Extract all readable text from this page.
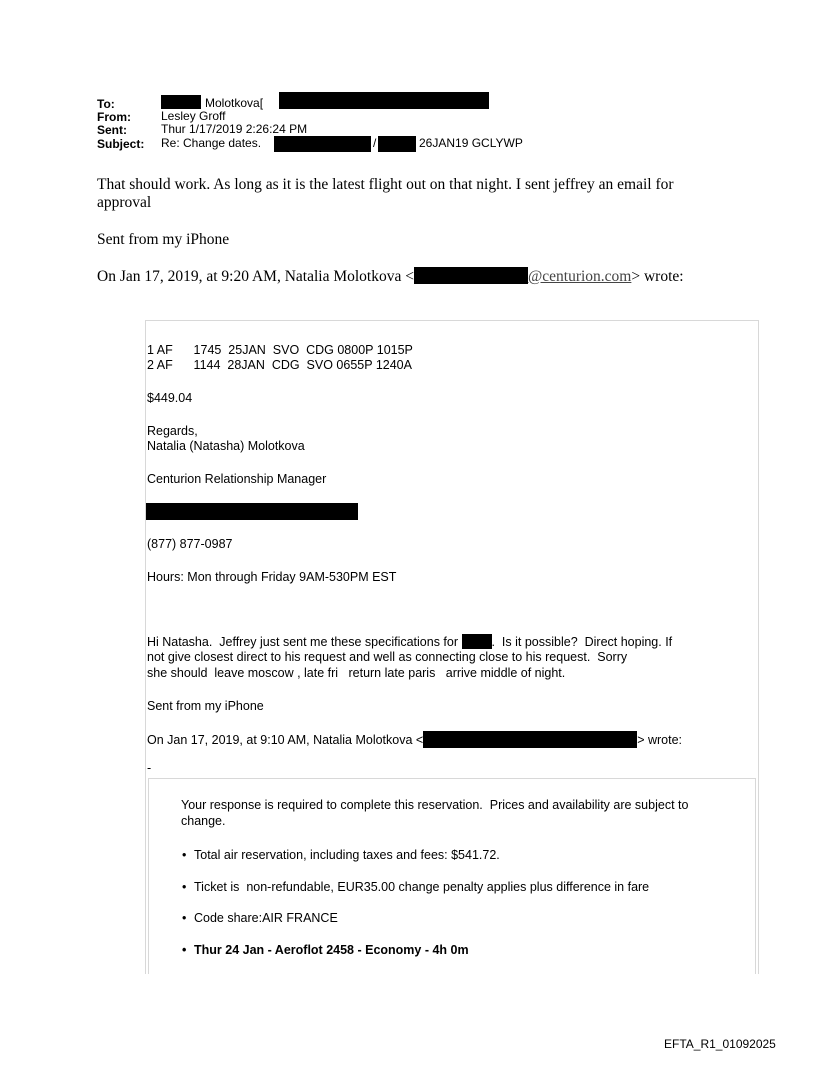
To:	Molotkova[
From:	Lesley Groff
Sent:	Thur 1/17/2019 2:26:24 PM
Subject: Re: Change dates.	/	26JAN19 GCLYWP
That should work. As long as it is the latest flight out on that night. I sent jeffrey an email for
approval
Sent from my iPhone
On Jan 17, 2019, at 9:20 AM, Natalia Molotkova <	@centurion.com> wrote:
1 AF      1745  25JAN  SVO  CDG 0800P 1015P
2 AF      1144  28JAN  CDG  SVO 0655P 1240A
$449.04
Regards,
Natalia (Natasha) Molotkova
Centurion Relationship Manager
(877) 877-0987
Hours: Mon through Friday 9AM-530PM EST
Hi Natasha.  Jeffrey just sent me these specifications for	.  Is it possible?  Direct hoping. If
not give closest direct to his request and well as connecting close to his request.  Sorry
she should  leave moscow , late fri   return late paris   arrive middle of night.
Sent from my iPhone
On Jan 17, 2019, at 9:10 AM, Natalia Molotkova <	> wrote:
-
Your response is required to complete this reservation.  Prices and availability are subject to
change.
• Total air reservation, including taxes and fees: $541.72.
• Ticket is  non-refundable, EUR35.00 change penalty applies plus difference in fare
• Code share:AIR FRANCE
• Thur 24 Jan - Aeroflot 2458 - Economy - 4h 0m
EFTA_R1_01092025
